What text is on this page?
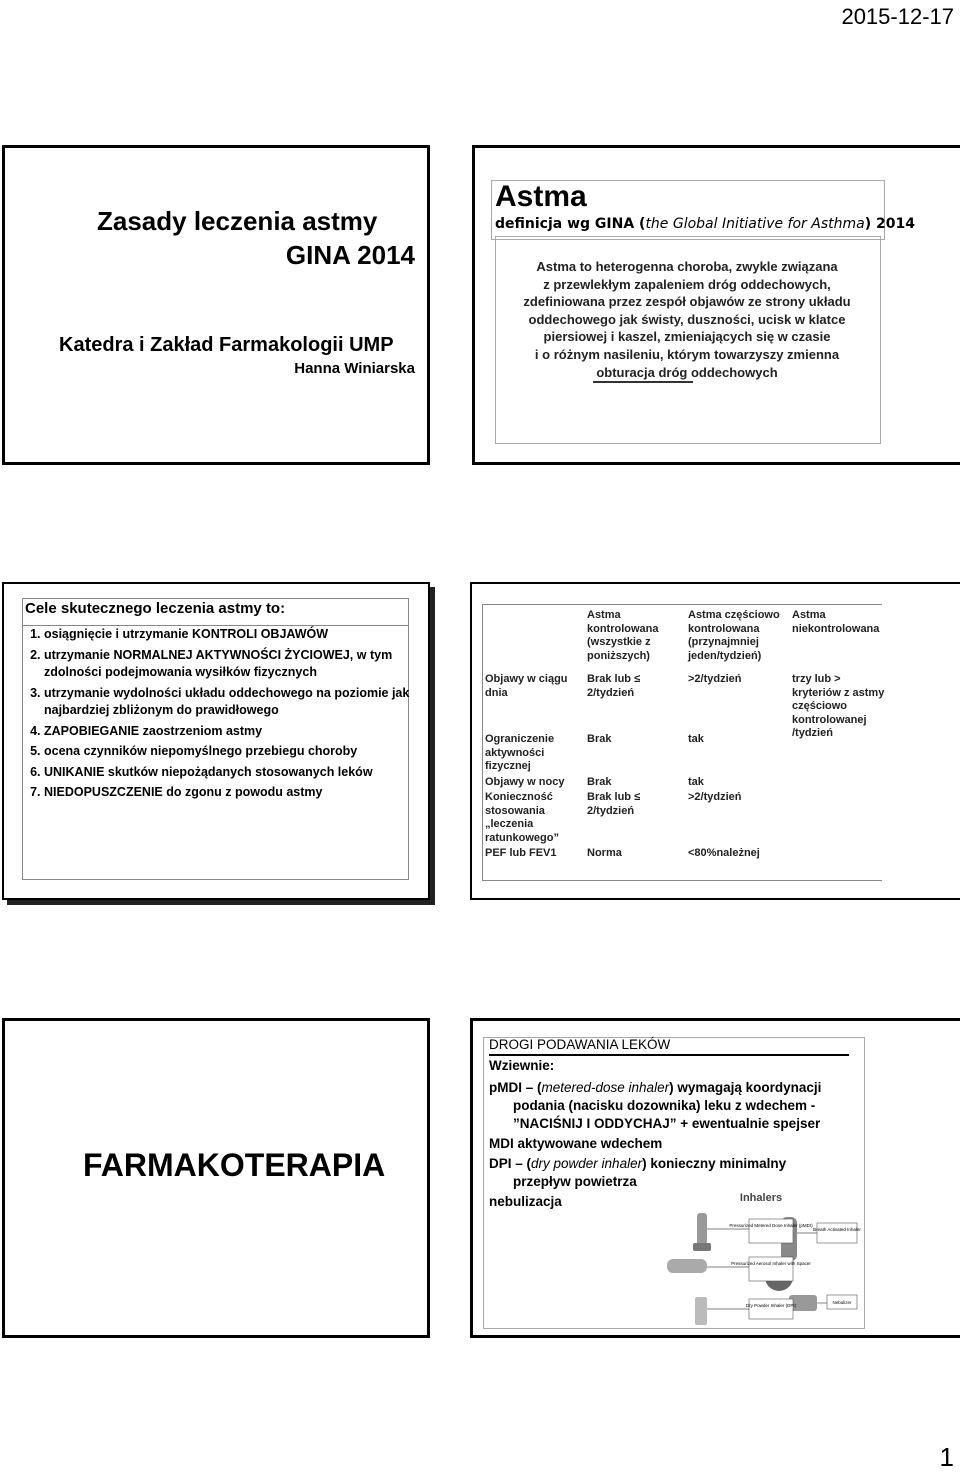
2015-12-17
Zasady leczenia astmy
GINA 2014
Katedra i Zakład Farmakologii UMP
Hanna Winiarska
Astma
definicja wg GINA (the Global Initiative for Asthma) 2014
Astma to heterogenna choroba, zwykle związana
z przewlekłym zapaleniem dróg oddechowych,
zdefiniowana przez zespół objawów ze strony układu
oddechowego jak świsty, duszności, ucisk w klatce
piersiowej i kaszel, zmieniających się w czasie
i o różnym nasileniu, którym towarzyszy zmienna
obturacja dróg oddechowych
Cele skutecznego leczenia astmy to:
1. osiągnięcie i utrzymanie KONTROLI OBJAWÓW
2. utrzymanie NORMALNEJ AKTYWNOŚCI ŻYCIOWEJ, w tym zdolności podejmowania wysiłków fizycznych
3. utrzymanie wydolności układu oddechowego na poziomie jak najbardziej zbliżonym do prawidłowego
4. ZAPOBIEGANIE zaostrzeniom astmy
5. ocena czynników niepomyślnego przebiegu choroby
6. UNIKANIE skutków niepożądanych stosowanych leków
7. NIEDOPUSZCZENIE do zgonu z powodu astmy
	Astma kontrolowana (wszystkie z poniższych)	Astma częściowo kontrolowana (przynajmniej jeden/tydzień)	Astma niekontrolowana
Objawy w ciągu dnia	Brak lub ≤ 2/tydzień	>2/tydzień	trzy lub > kryteriów z astmy częściowo kontrolowanej /tydzień
Ograniczenie aktywności fizycznej	Brak	tak	
Objawy w nocy	Brak	tak	
Konieczność stosowania „leczenia ratunkowego”	Brak lub ≤ 2/tydzień	>2/tydzień	
PEF lub FEV1	Norma	<80%należnej	
FARMAKOTERAPIA
DROGI PODAWANIA LEKÓW
Wziewnie:
pMDI – (metered-dose inhaler) wymagają koordynacji
podania (nacisku dozownika) leku z wdechem -
”NACIŚNIJ I ODDYCHAJ” + ewentualnie spejser
MDI aktywowane wdechem
DPI – (dry powder inhaler) konieczny minimalny
przepływ powietrza
nebulizacja	Inhalers
Pressurized Metered Dose Inhaler (pMDI)
Pressurized Aerosol Inhaler with Spacer
Dry Powder Inhaler (DPI)
Breath Activated Inhaler
Nebulizer
1
